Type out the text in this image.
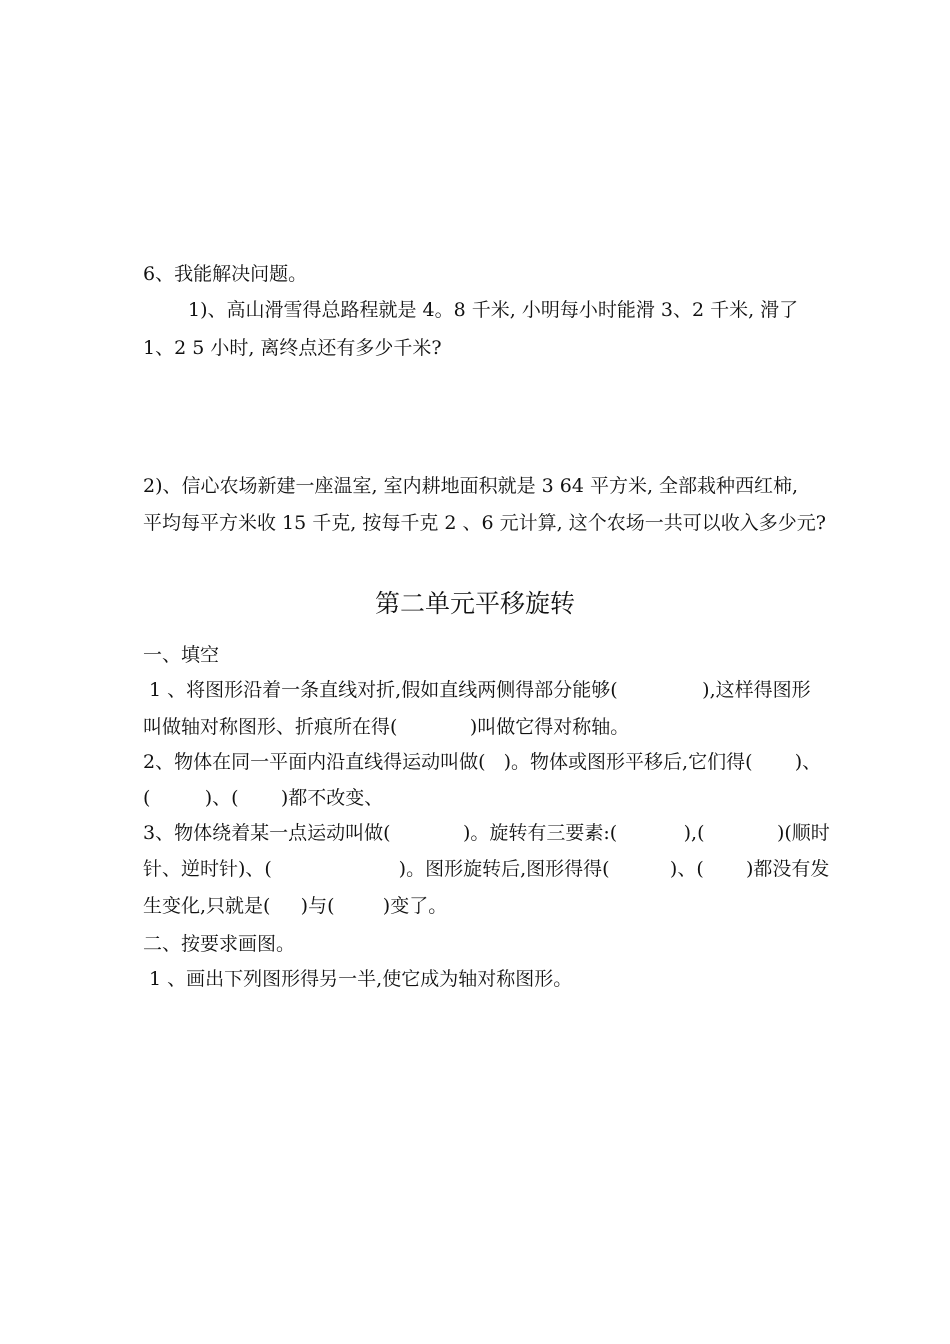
6、我能解决问题。
1)、高山滑雪得总路程就是 4。8 千米, 小明每小时能滑 3、2 千米, 滑了
1、2 5 小时, 离终点还有多少千米?
2)、信心农场新建一座温室, 室内耕地面积就是 3 64 平方米, 全部栽种西红柿,
平均每平方米收 15 千克, 按每千克 2 、6 元计算, 这个农场一共可以收入多少元?
第二单元平移旋转
一、填空
1 、将图形沿着一条直线对折,假如直线两侧得部分能够(              ),这样得图形
叫做轴对称图形、折痕所在得(            )叫做它得对称轴。
2、物体在同一平面内沿直线得运动叫做(   )。物体或图形平移后,它们得(       )、
(         )、(       )都不改变、
3、物体绕着某一点运动叫做(            )。旋转有三要素:(           ),(            )(顺时
针、逆时针)、(                     )。图形旋转后,图形得得(          )、(       )都没有发
生变化,只就是(     )与(        )变了。
二、按要求画图。
1 、画出下列图形得另一半,使它成为轴对称图形。
